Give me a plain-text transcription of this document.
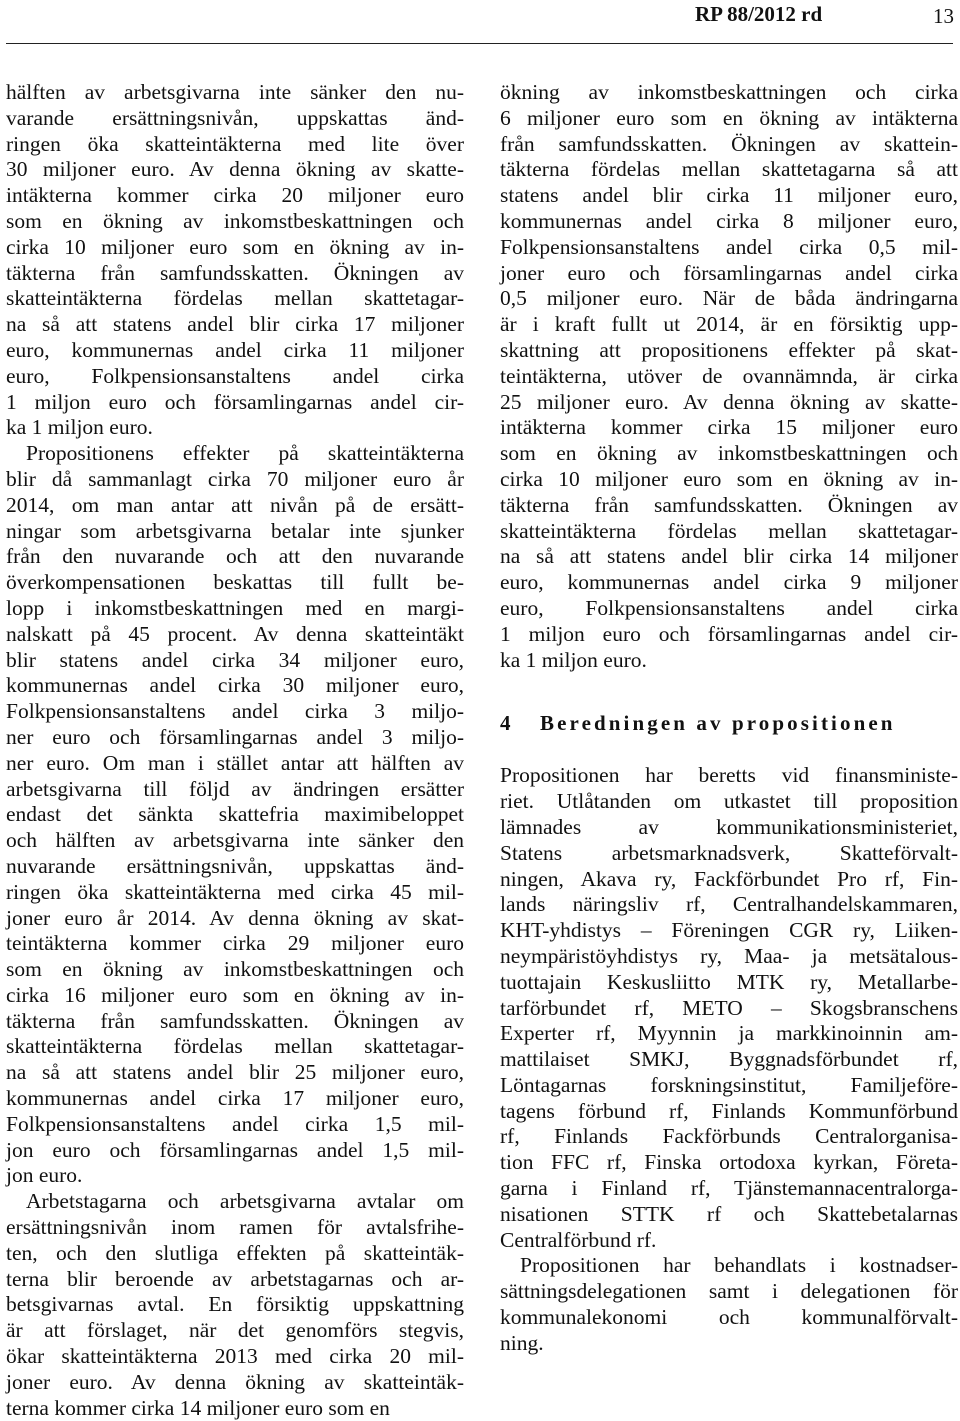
RP 88/2012 rd	13
hälften av arbetsgivarna inte sänker den nu-
varande ersättningsnivån, uppskattas änd-
ringen öka skatteintäkterna med lite över
30 miljoner euro. Av denna ökning av skatte-
intäkterna kommer cirka 20 miljoner euro
som en ökning av inkomstbeskattningen och
cirka 10 miljoner euro som en ökning av in-
täkterna från samfundsskatten. Ökningen av
skatteintäkterna fördelas mellan skattetagar-
na så att statens andel blir cirka 17 miljoner
euro, kommunernas andel cirka 11 miljoner
euro, Folkpensionsanstaltens andel cirka
1 miljon euro och församlingarnas andel cir-
ka 1 miljon euro.
Propositionens effekter på skatteintäkterna
blir då sammanlagt cirka 70 miljoner euro år
2014, om man antar att nivån på de ersätt-
ningar som arbetsgivarna betalar inte sjunker
från den nuvarande och att den nuvarande
överkompensationen beskattas till fullt be-
lopp i inkomstbeskattningen med en margi-
nalskatt på 45 procent. Av denna skatteintäkt
blir statens andel cirka 34 miljoner euro,
kommunernas andel cirka 30 miljoner euro,
Folkpensionsanstaltens andel cirka 3 miljo-
ner euro och församlingarnas andel 3 miljo-
ner euro. Om man i stället antar att hälften av
arbetsgivarna till följd av ändringen ersätter
endast det sänkta skattefria maximibeloppet
och hälften av arbetsgivarna inte sänker den
nuvarande ersättningsnivån, uppskattas änd-
ringen öka skatteintäkterna med cirka 45 mil-
joner euro år 2014. Av denna ökning av skat-
teintäkterna kommer cirka 29 miljoner euro
som en ökning av inkomstbeskattningen och
cirka 16 miljoner euro som en ökning av in-
täkterna från samfundsskatten. Ökningen av
skatteintäkterna fördelas mellan skattetagar-
na så att statens andel blir 25 miljoner euro,
kommunernas andel cirka 17 miljoner euro,
Folkpensionsanstaltens andel cirka 1,5 mil-
jon euro och församlingarnas andel 1,5 mil-
jon euro.
Arbetstagarna och arbetsgivarna avtalar om
ersättningsnivån inom ramen för avtalsfrihe-
ten, och den slutliga effekten på skatteintäk-
terna blir beroende av arbetstagarnas och ar-
betsgivarnas avtal. En försiktig uppskattning
är att förslaget, när det genomförs stegvis,
ökar skatteintäkterna 2013 med cirka 20 mil-
joner euro. Av denna ökning av skatteintäk-
terna kommer cirka 14 miljoner euro som en
ökning av inkomstbeskattningen och cirka
6 miljoner euro som en ökning av intäkterna
från samfundsskatten. Ökningen av skattein-
täkterna fördelas mellan skattetagarna så att
statens andel blir cirka 11 miljoner euro,
kommunernas andel cirka 8 miljoner euro,
Folkpensionsanstaltens andel cirka 0,5 mil-
joner euro och församlingarnas andel cirka
0,5 miljoner euro. När de båda ändringarna
är i kraft fullt ut 2014, är en försiktig upp-
skattning att propositionens effekter på skat-
teintäkterna, utöver de ovannämnda, är cirka
25 miljoner euro. Av denna ökning av skatte-
intäkterna kommer cirka 15 miljoner euro
som en ökning av inkomstbeskattningen och
cirka 10 miljoner euro som en ökning av in-
täkterna från samfundsskatten. Ökningen av
skatteintäkterna fördelas mellan skattetagar-
na så att statens andel blir cirka 14 miljoner
euro, kommunernas andel cirka 9 miljoner
euro, Folkpensionsanstaltens andel cirka
1 miljon euro och församlingarnas andel cir-
ka 1 miljon euro.
4 Beredningen av propositionen
Propositionen har beretts vid finansministe-
riet. Utlåtanden om utkastet till proposition
lämnades av kommunikationsministeriet,
Statens arbetsmarknadsverk, Skatteförvalt-
ningen, Akava ry, Fackförbundet Pro rf, Fin-
lands näringsliv rf, Centralhandelskammaren,
KHT-yhdistys – Föreningen CGR ry, Liiken-
neympäristöyhdistys ry, Maa- ja metsätalous-
tuottajain Keskusliitto MTK ry, Metallarbe-
tarförbundet rf, METO – Skogsbranschens
Experter rf, Myynnin ja markkinoinnin am-
mattilaiset SMKJ, Byggnadsförbundet rf,
Löntagarnas forskningsinstitut, Familjeföre-
tagens förbund rf, Finlands Kommunförbund
rf, Finlands Fackförbunds Centralorganisa-
tion FFC rf, Finska ortodoxa kyrkan, Företa-
garna i Finland rf, Tjänstemannacentralorga-
nisationen STTK rf och Skattebetalarnas
Centralförbund rf.
Propositionen har behandlats i kostnadser-
sättningsdelegationen samt i delegationen för
kommunalekonomi och kommunalförvalt-
ning.
